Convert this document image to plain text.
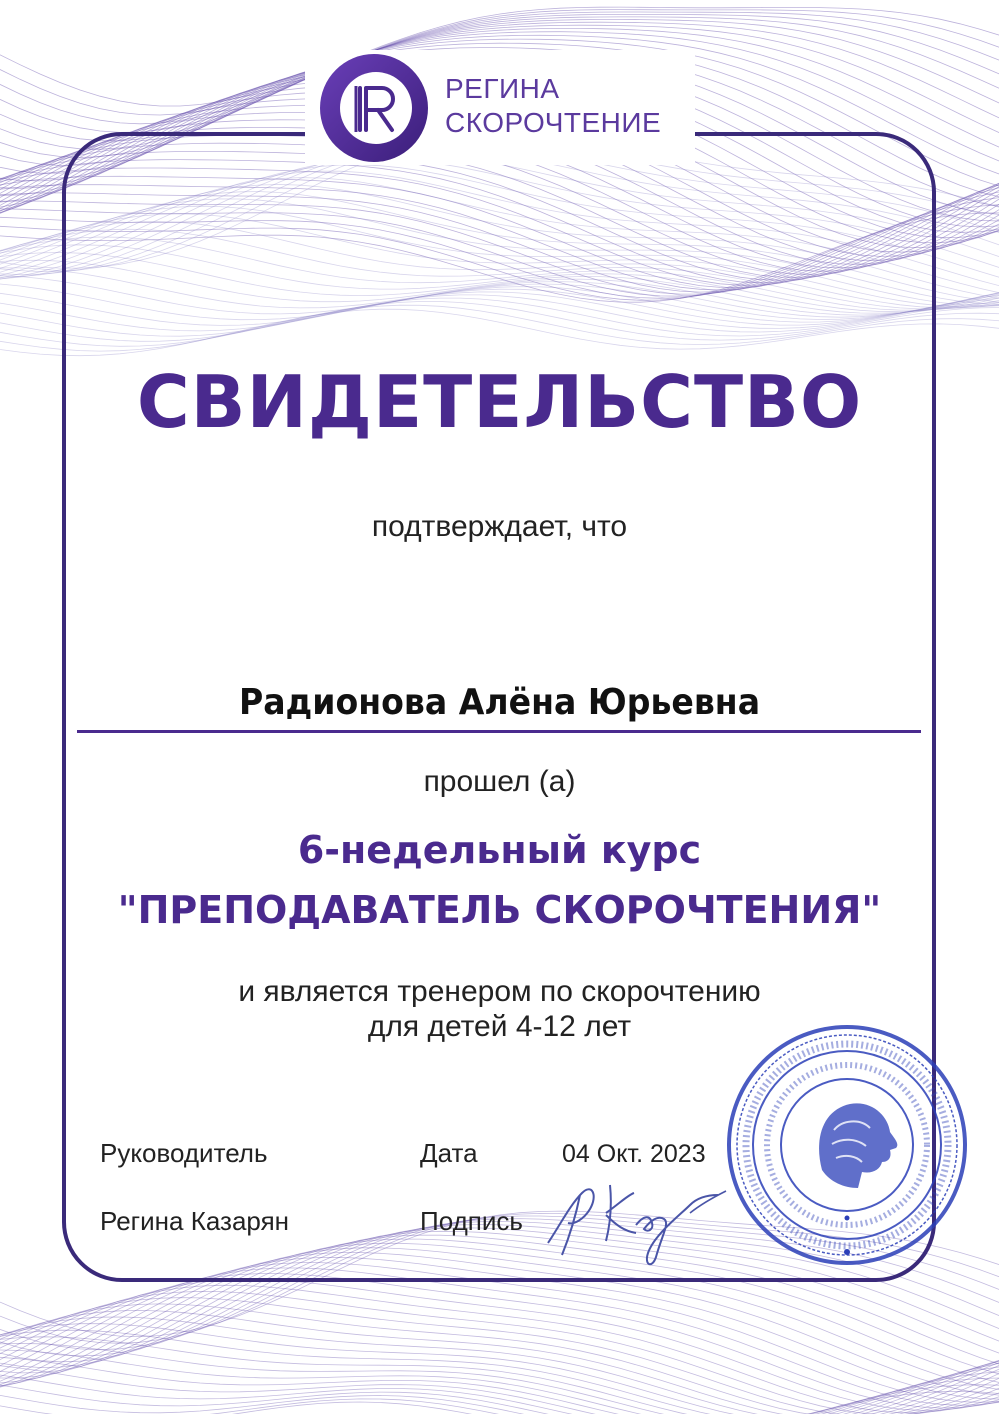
РЕГИНА
СКОРОЧТЕНИЕ
СВИДЕТЕЛЬСТВО
подтверждает, что
Радионова Алёна Юрьевна
прошел (а)
6-недельный курс
"ПРЕПОДАВАТЕЛЬ СКОРОЧТЕНИЯ"
и является тренером по скорочтению
для детей 4-12 лет
Руководитель
Регина Казарян
Дата	04 Окт. 2023
Подпись
